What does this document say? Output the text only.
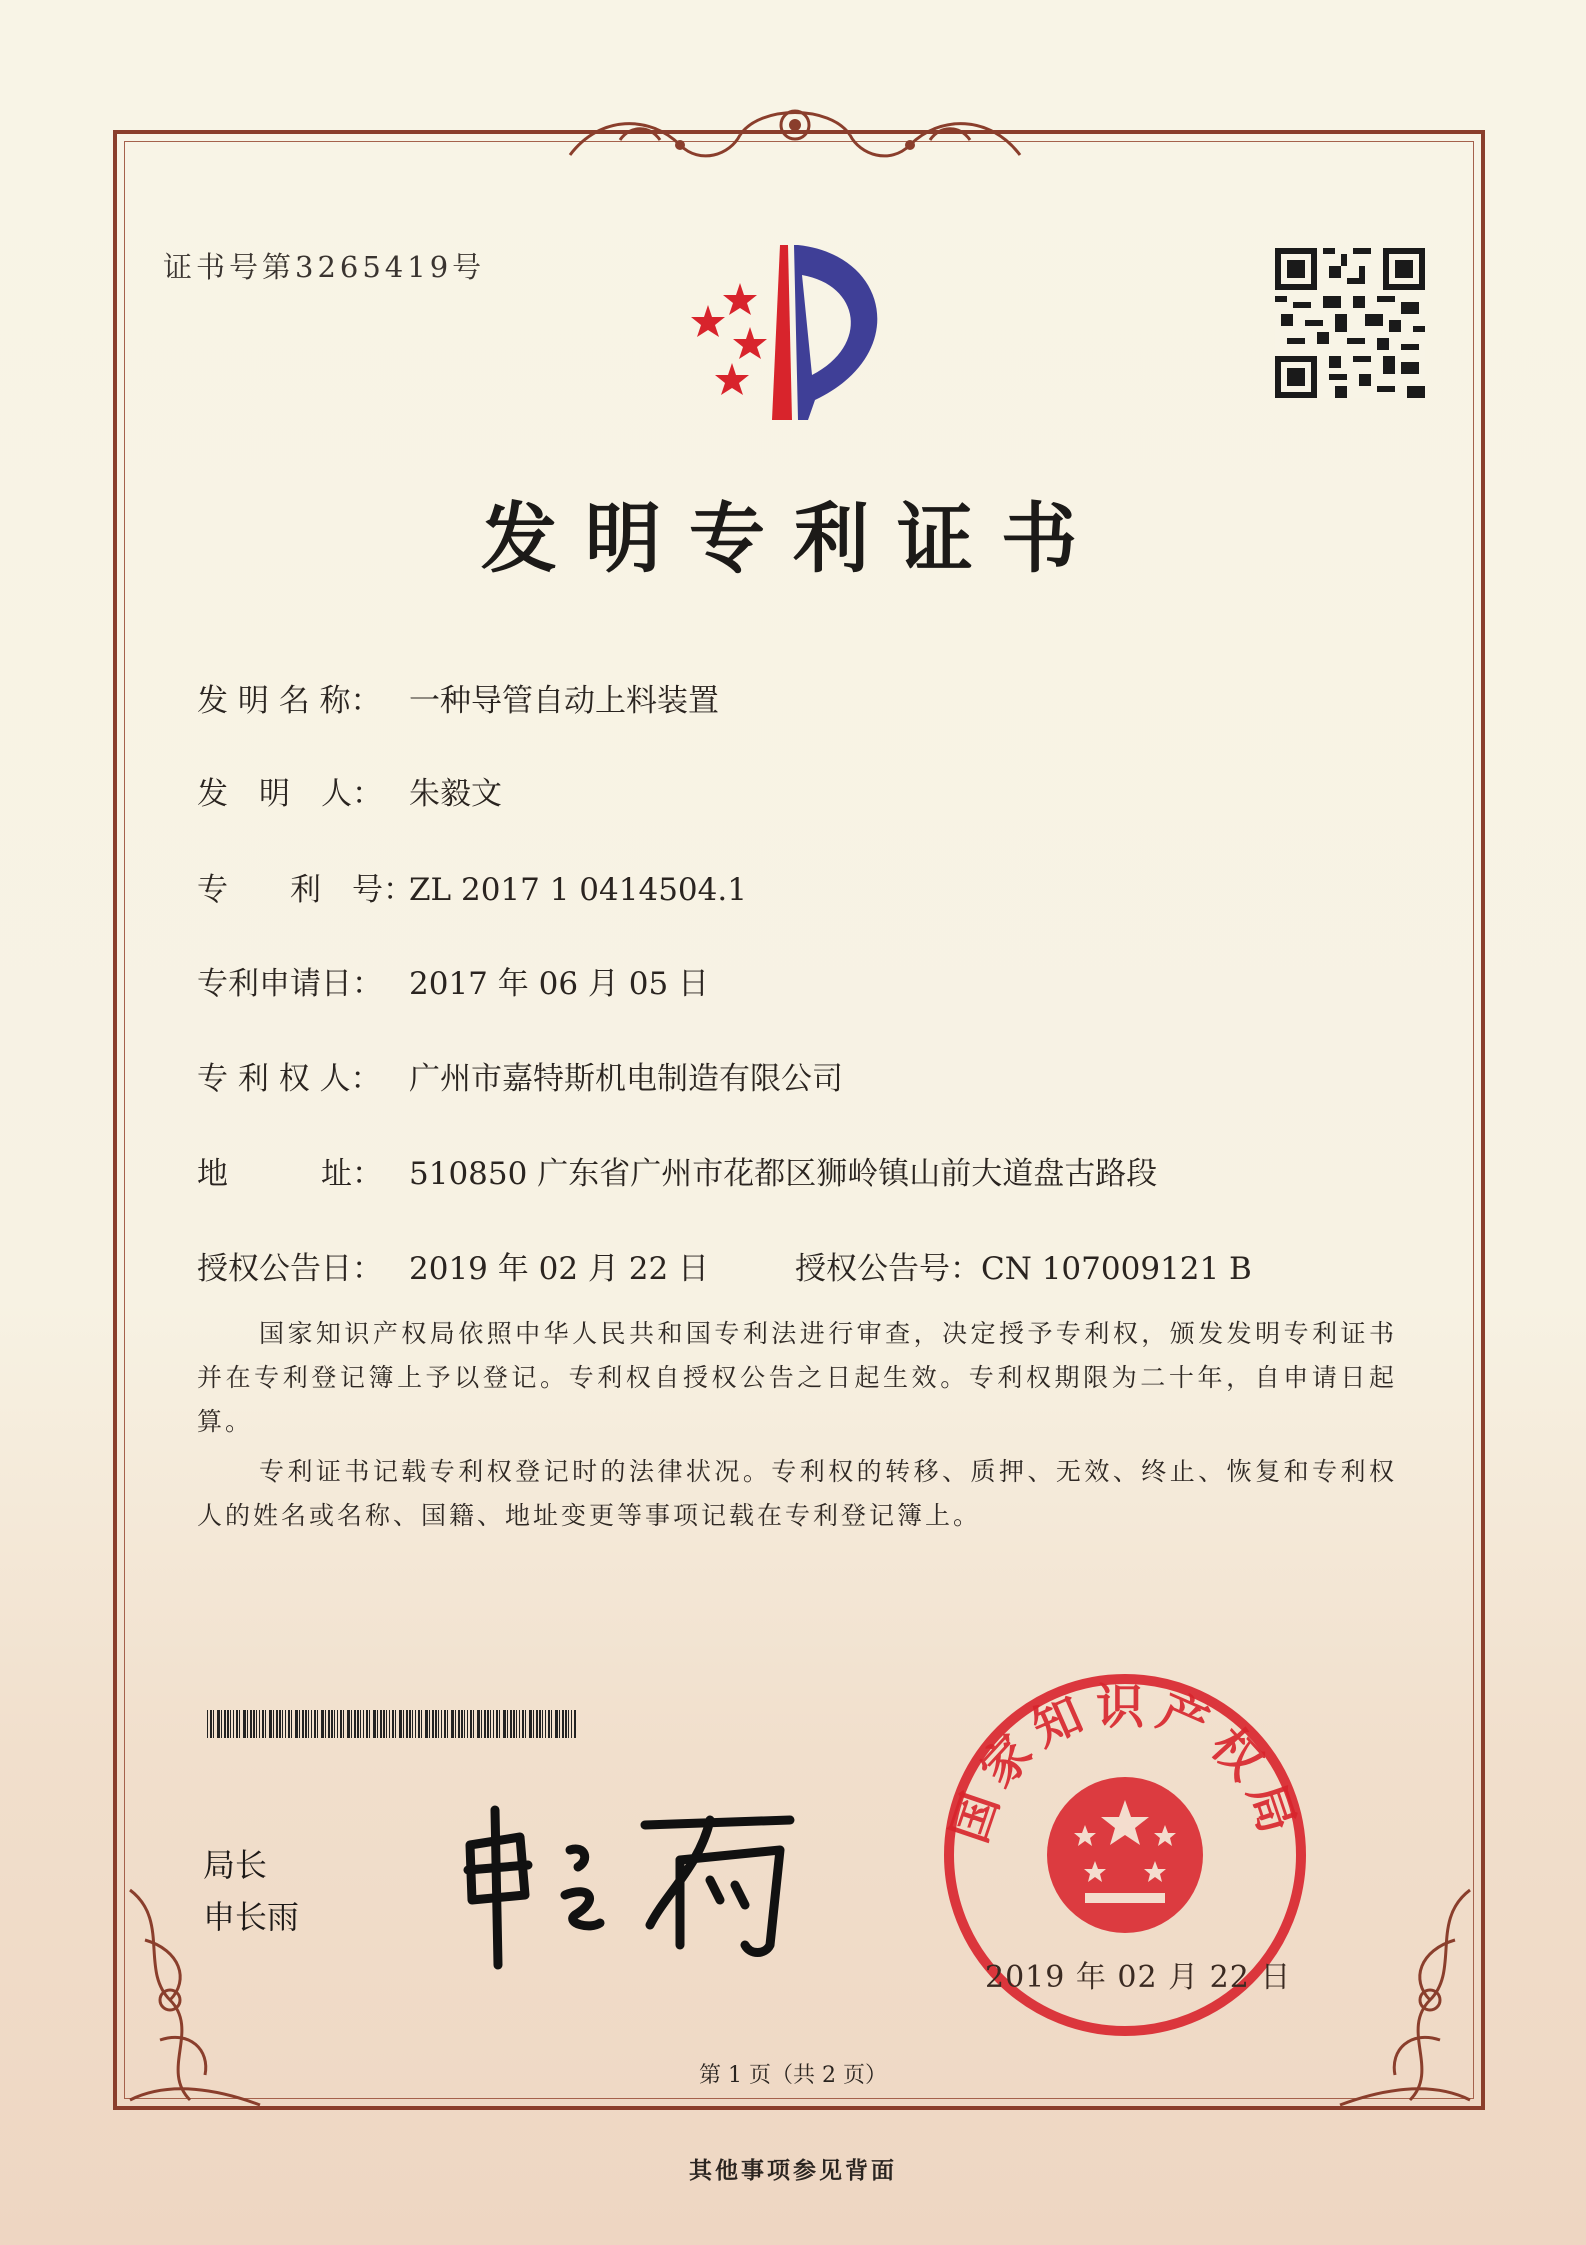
证书号第3265419号
发明专利证书
发 明 名 称： 一种导管自动上料装置
发　明　人： 朱毅文
专　　利　号：ZL 2017 1 0414504.1
专利申请日： 2017 年 06 月 05 日
专 利 权 人： 广州市嘉特斯机电制造有限公司
地　　　址： 510850 广东省广州市花都区狮岭镇山前大道盘古路段
授权公告日： 2019 年 02 月 22 日	授权公告号：CN 107009121 B
国家知识产权局依照中华人民共和国专利法进行审查，决定授予专利权，颁发发明专利证书并在专利登记簿上予以登记。专利权自授权公告之日起生效。专利权期限为二十年，自申请日起算。
专利证书记载专利权登记时的法律状况。专利权的转移、质押、无效、终止、恢复和专利权人的姓名或名称、国籍、地址变更等事项记载在专利登记簿上。
局长
申长雨
国家知识产权局
2019 年 02 月 22 日
第 1 页（共 2 页）
其他事项参见背面
